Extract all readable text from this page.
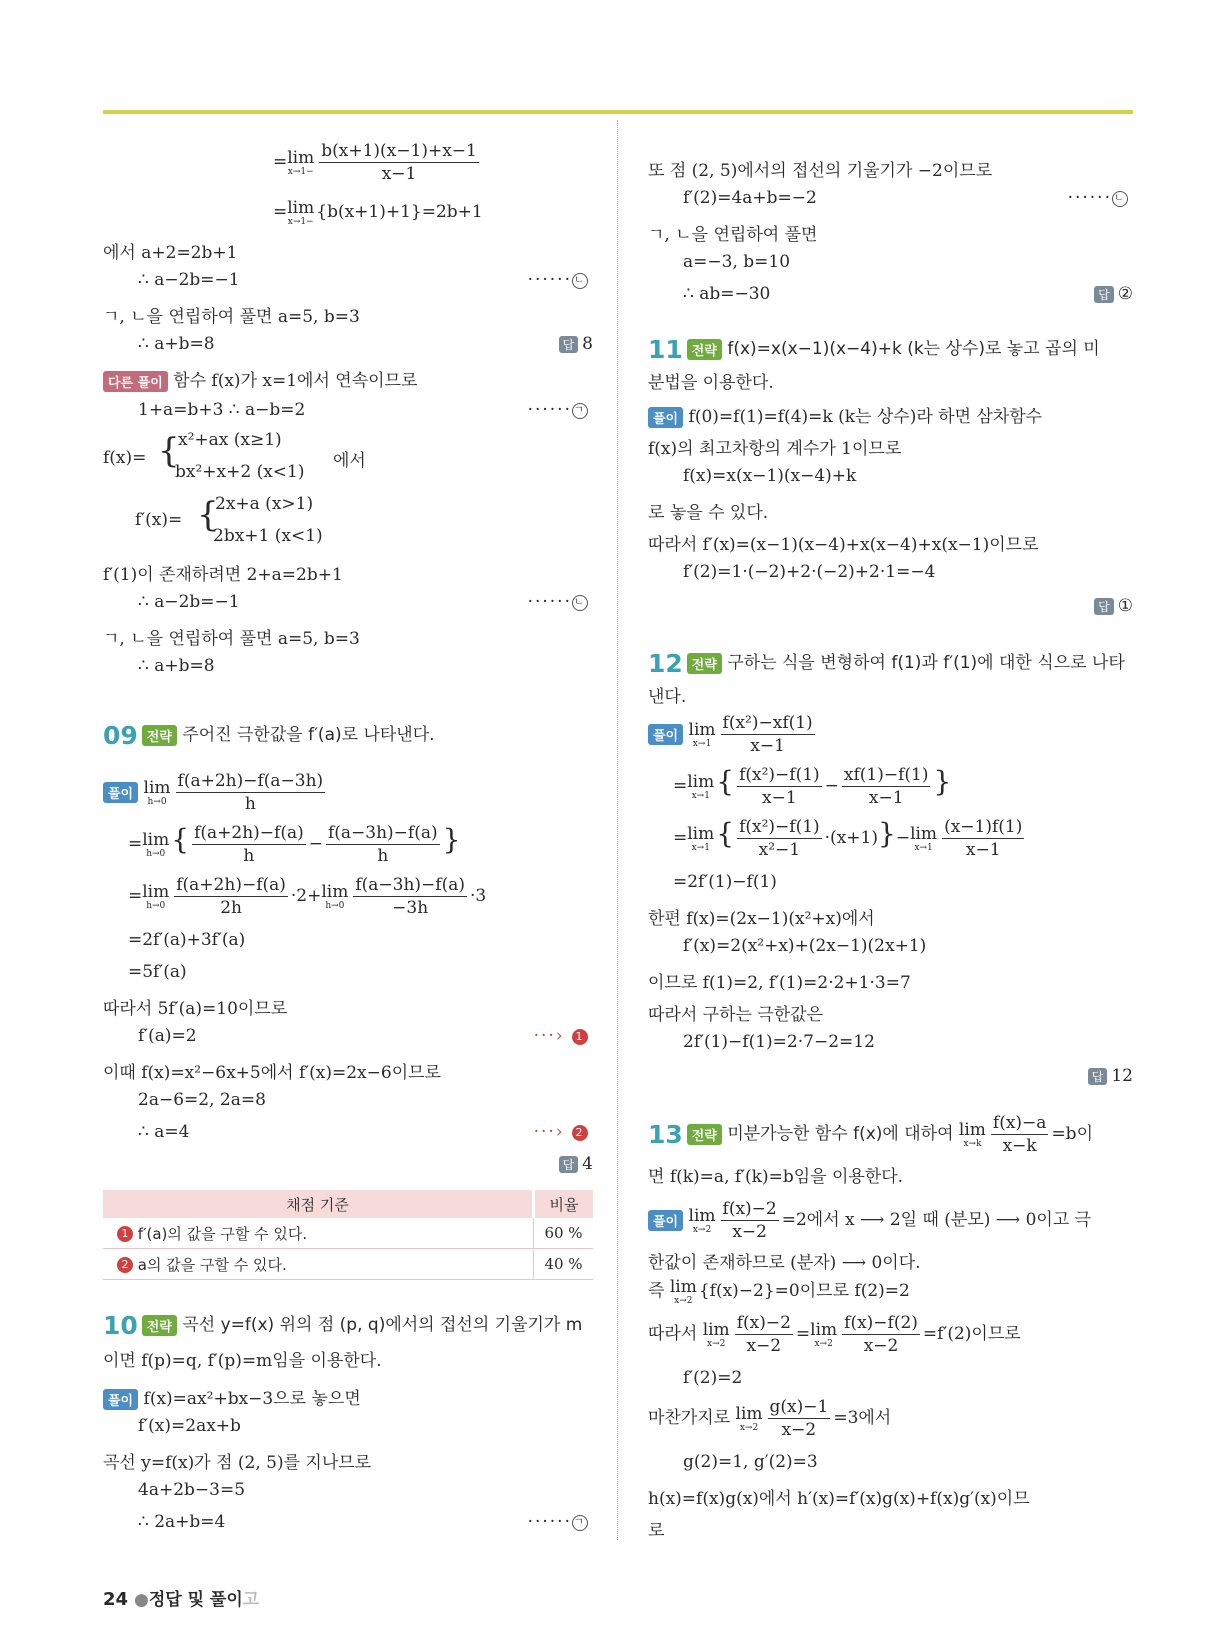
= lim
$x\to 1- \frac{b(x+1)(x-1)+x-1}{x-1}$
= lim
x→1− {b(x+1)+1}=2b+1
에서 a+2=2b+1
∴ a−2b=−1	······ ㄴ
ㄱ, ㄴ을 연립하여 풀면 a=5, b=3
∴ a+b=8	답 8
다른 풀이 함수 f(x)가 x=1에서 연속이므로
1+a=b+3 ∴ a−b=2	······ ㄱ
f(x)= {
x²+ax (x≥1)
bx²+x+2 (x<1)
에서
f′(x)= {
2x+a (x>1)
2bx+1 (x<1)
f′(1)이 존재하려면 2+a=2b+1
∴ a−2b=−1	······ ㄴ
ㄱ, ㄴ을 연립하여 풀면 a=5, b=3
∴ a+b=8
09 전략 주어진 극한값을 f′(a)로 나타낸다.
풀이 lim
$h\to 0 \frac{f(a+2h)-f(a-3h)}{h}$
= lim
h→0 { $\frac{f(a+2h)-f(a)}{h} - \frac{f(a-3h)-f(a)}{h}$ }
= lim
$h\to 0 \frac{f(a+2h)-f(a)}{2h} \cdot 2+ \lim$
$h\to 0 \frac{f(a-3h)-f(a)}{-3h} \cdot 3$
=2f′(a)+3f′(a)
=5f′(a)
따라서 5f′(a)=10이므로
f′(a)=2	···› 1
이때 f(x)=x²−6x+5에서 f′(x)=2x−6이므로
2a−6=2, 2a=8
∴ a=4	···› 2
답 4
채점 기준	비율
1 f′(a)의 값을 구할 수 있다.	60 %
2 a의 값을 구할 수 있다.	40 %
10 전략 곡선 y=f(x) 위의 점 (p, q)에서의 접선의 기울기가 m
이면 f(p)=q, f′(p)=m임을 이용한다.
풀이 f(x)=ax²+bx−3으로 놓으면
f′(x)=2ax+b
곡선 y=f(x)가 점 (2, 5)를 지나므로
4a+2b−3=5
∴ 2a+b=4	······ ㄱ
또 점 (2, 5)에서의 접선의 기울기가 −2이므로
f′(2)=4a+b=−2	······ ㄴ
ㄱ, ㄴ을 연립하여 풀면
a=−3, b=10
∴ ab=−30	답 ②
11 전략 f(x)=x(x−1)(x−4)+k (k는 상수)로 놓고 곱의 미
분법을 이용한다.
풀이 f(0)=f(1)=f(4)=k (k는 상수)라 하면 삼차함수
f(x)의 최고차항의 계수가 1이므로
f(x)=x(x−1)(x−4)+k
로 놓을 수 있다.
따라서 f′(x)=(x−1)(x−4)+x(x−4)+x(x−1)이므로
f′(2)=1·(−2)+2·(−2)+2·1=−4
답 ①
12 전략 구하는 식을 변형하여 f(1)과 f′(1)에 대한 식으로 나타
낸다.
풀이 lim
$x\to 1 \frac{\text{f(x²)−xf(1)}}{x-1}$
= lim
x→1 { $\frac{\text{f(x²)−f(1)}}{x-1} - \frac{xf(1)-f(1)}{x-1}$ }
= lim
x→1 { $\frac{\text{f(x²)−f(1)}}{\text{x²−1}} \cdot(x+1)\}- \lim$
$x\to 1 \frac{(x-1)f(1)}{x-1}$
=2f′(1)−f(1)
한편 f(x)=(2x−1)(x²+x)에서
f′(x)=2(x²+x)+(2x−1)(2x+1)
이므로 f(1)=2, f′(1)=2·2+1·3=7
따라서 구하는 극한값은
2f′(1)−f(1)=2·7−2=12
답 12
13 전략 미분가능한 함수 f(x)에 대하여 lim
$x\to k \frac{f(x)-a}{x-k} =b$이
면 f(k)=a, f′(k)=b임을 이용한다.
풀이 lim
$x\to 2 \frac{f(x)-2}{x-2} =2$에서 x ⟶ 2일 때 (분모) ⟶ 0이고 극
한값이 존재하므로 (분자) ⟶ 0이다.
즉 lim
x→2 {f(x)−2}=0이므로 f(2)=2
따라서 lim
$x\to 2 \frac{f(x)-2}{x-2} = \lim$
$x\to 2 \frac{f(x)-f(2)}{x-2} =f'(2)$이므로
f′(2)=2
마찬가지로 lim
$x\to 2 \frac{g(x)-1}{x-2} =3$에서
g(2)=1, g′(2)=3
h(x)=f(x)g(x)에서 h′(x)=f′(x)g(x)+f(x)g′(x)이므
로
24 ●정답 및 풀이고
